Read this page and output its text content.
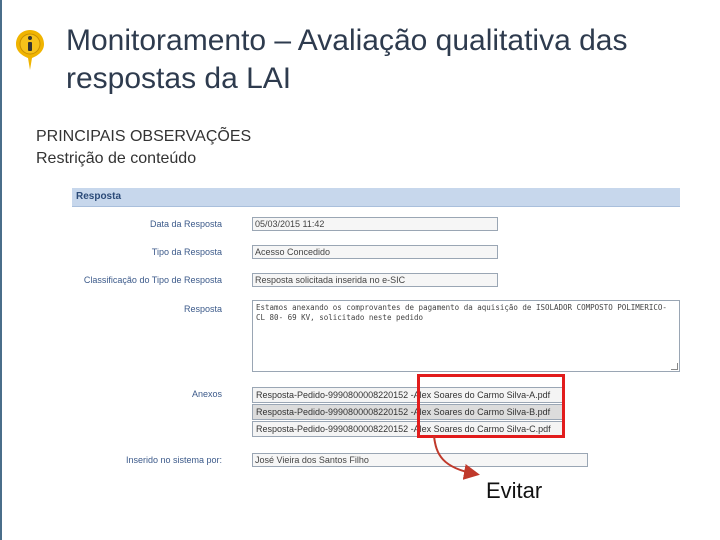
Monitoramento – Avaliação qualitativa das respostas da LAI
PRINCIPAIS OBSERVAÇÕES
Restrição de conteúdo
Resposta
Data da Resposta	05/03/2015 11:42
Tipo da Resposta	Acesso Concedido
Classificação do Tipo de Resposta	Resposta solicitada inserida no e-SIC
Resposta	Estamos anexando os comprovantes de pagamento da aquisição de ISOLADOR COMPOSTO POLIMERICO- CL 80- 69 KV, solicitado neste pedido
Anexos	Resposta-Pedido-9990800008220152 -Alex Soares do Carmo Silva-A.pdf
Resposta-Pedido-9990800008220152 -Alex Soares do Carmo Silva-B.pdf
Resposta-Pedido-9990800008220152 -Alex Soares do Carmo Silva-C.pdf
Inserido no sistema por:	José Vieira dos Santos Filho
Evitar
